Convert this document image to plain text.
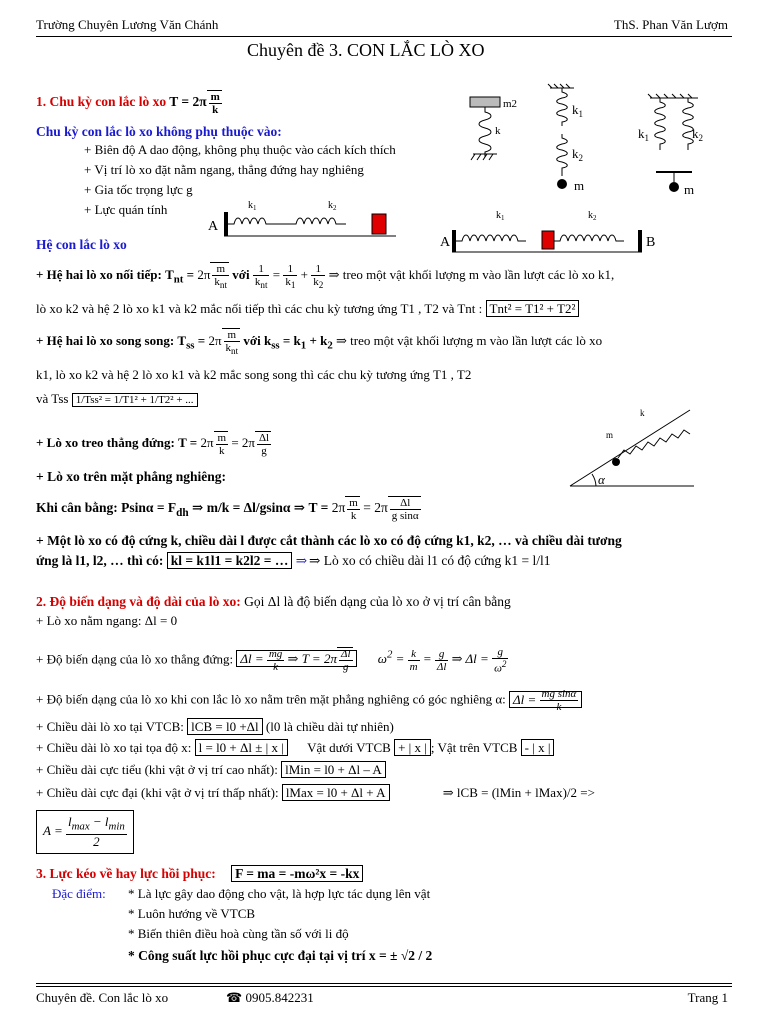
Trường Chuyên Lương Văn Chánh	ThS. Phan Văn Lượm
Chuyên đề 3. CON LẮC LÒ XO
1. Chu kỳ con lắc lò xo $T = 2\pi \frac{m}{k}$
Chu kỳ con lắc lò xo không phụ thuộc vào:
+ Biên độ A dao động, không phụ thuộc vào cách kích thích
+ Vị trí lò xo đặt nằm ngang, thẳng đứng hay nghiêng
+ Gia tốc trọng lực g
+ Lực quán tính
Hệ con lắc lò xo
+ Hệ hai lò xo nối tiếp: $T_{nt} = 2\pi \frac{m}{k_{nt}}$ với $\frac{1}{k_{nt}} = \frac{1}{k_1} + \frac{1}{k_2}$ ⇒ treo một vật khối lượng m vào lần lượt các lò xo k1,
lò xo k2 và hệ 2 lò xo k1 và k2 mắc nối tiếp thì các chu kỳ tương ứng T1 , T2 và Tnt : Tnt² = T1² + T2²
+ Hệ hai lò xo song song: $T_{ss} = 2\pi \frac{m}{k_{nt}}$ với $k_{ss} = k_1 + k_2$ ⇒ treo một vật khối lượng m vào lần lượt các lò xo
k1, lò xo k2 và hệ 2 lò xo k1 và k2 mắc song song thì các chu kỳ tương ứng T1 , T2
và Tss 1/Tss² = 1/T1² + 1/T2² + ...
+ Lò xo treo thẳng đứng: $T = 2\pi \frac{m}{k} = 2\pi \frac{\Delta l}{g}$
+ Lò xo trên mặt phẳng nghiêng:
Khi cân bằng: $Psin\alpha = F_{dh}$ ⇒ m/k = Δl/gsinα ⇒ $T = 2\pi \frac{m}{k} = 2\pi \frac{\Delta l}{\text{g sinα}}$
+ Một lò xo có độ cứng k, chiều dài l được cắt thành các lò xo có độ cứng k1, k2, … và chiều dài tương
ứng là l1, l2, … thì có: kl = k1l1 = k2l2 = … ⇒ ⇒ Lò xo có chiều dài l1 có độ cứng k1 = l/l1
2. Độ biến dạng và độ dài của lò xo: Gọi Δl là độ biến dạng của lò xo ở vị trí cân bằng
+ Lò xo nằm ngang: Δl = 0
+ Độ biến dạng của lò xo thẳng đứng: $\Delta l = \frac{mg}{k}$ ⇒ $T = 2\pi \frac{\Delta l}{g} \omega^2 = \frac{k}{m} = \frac{g}{\Delta l}$ ⇒ $\Delta l = \frac{g}{\omega^2}$
+ Độ biến dạng của lò xo khi con lắc lò xo nằm trên mặt phẳng nghiêng có góc nghiêng α: $\Delta l = \frac{\text{mg sinα}}{k}$
+ Chiều dài lò xo tại VTCB: lCB = l0 +Δl (l0 là chiều dài tự nhiên)
+ Chiều dài lò xo tại tọa độ x: l = l0 + Δl ± | x | Vật dưới VTCB + | x | ; Vật trên VTCB - | x |
+ Chiều dài cực tiểu (khi vật ở vị trí cao nhất): lMin = l0 + Δl – A
+ Chiều dài cực đại (khi vật ở vị trí thấp nhất): lMax = l0 + Δl + A	⇒ lCB = (lMin + lMax)/2 =>
$A = \frac{l_{max} - l_{min}}{2}$
3. Lực kéo về hay lực hồi phục: F = ma = -mω²x = -kx
Đặc điểm: * Là lực gây dao động cho vật, là hợp lực tác dụng lên vật
* Luôn hướng về VTCB
* Biến thiên điều hoà cùng tần số với li độ
* Công suất lực hồi phục cực đại tại vị trí x = ± √2 / 2
Chuyên đề. Con lắc lò xo	☎ 0905.842231	Trang 1
m2
k
$k_1$
$k_2$
m
$k_1$	$k_2$
m
A
$k_1$	$k_2$
A	B
$k_1$	$k_2$
α
m
k
